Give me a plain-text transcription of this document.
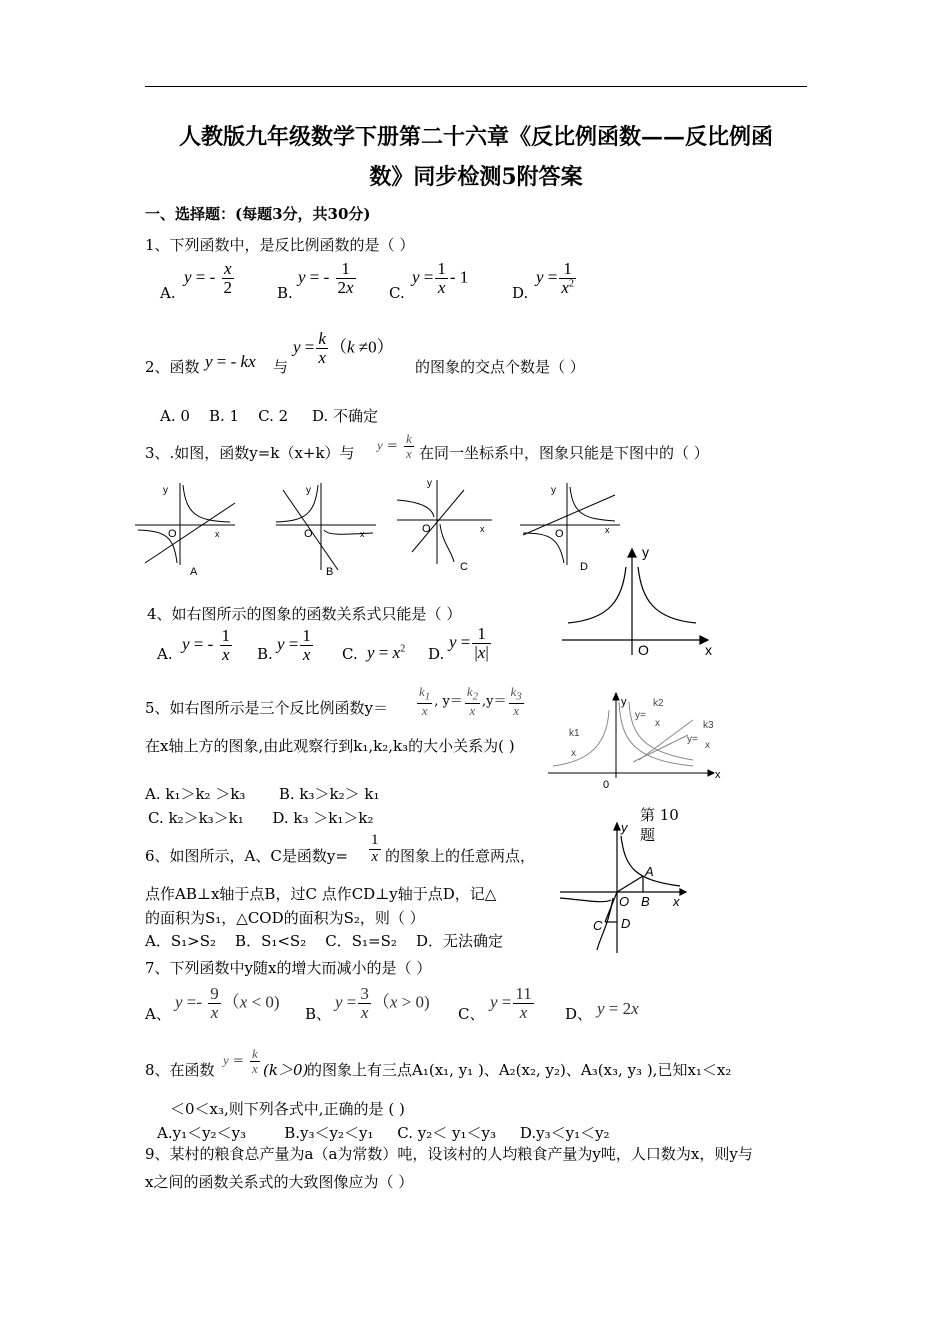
人教版九年级数学下册第二十六章《反比例函数——反比例函
数》同步检测5附答案
一、选择题：(每题3分，共30分)
1、下列函数中，是反比例函数的是（ ）
A.
y = - $\frac{x}{2}$	B.
y = - $\frac{1}{2x} C$.
$y = \frac{1}{x} - 1$
D.
$y = \frac{1}{x^2}$
2、函数 y = - kx 与
$y = \frac{k}{x} (k \ne 0)$
的图象的交点个数是（ ）
A. 0    B. 1    C. 2     D. 不确定
3、.如图，函数y=k（x+k）与 $y = \frac{k}{x}$ 在同一坐标系中，图象只能是下图中的（ ）
y
x
O
A
y
x
O
B
y
x
O
C
y
x
O
D
4、如右图所示的图象的函数关系式只能是（ ）
y
O	x
A.
y = - $\frac{1}{x} B$.
$y = \frac{1}{x} C$. $y = x^2$ D.
$y = \frac{1}{|x|}$
5、如右图所示是三个反比例函数$y= \frac{k_1}{x}$ , $y= \frac{k_2}{x} ,y= \frac{k_3}{x}$
在x轴上方的图象,由此观察行到k₁,k₂,k₃的大小关系为( )
y
0
x
y=
k2
x
y=
k3
x
k1
x
A. k₁＞k₂ ＞k₃       B. k₃＞k₂＞ k₁
C. k₂＞k₃＞k₁      D. k₃ ＞k₁＞k₂	第 10 题
6、如图所示，A、C是函数$y= \frac{1}{x}$ 的图象上的任意两点，
点作AB⊥x轴于点B，过C 点作CD⊥y轴于点D，记△
的面积为S₁，△COD的面积为S₂，则（ ）
A．S₁>S₂    B．S₁<S₂    C．S₁=S₂    D．无法确定
y
A
O B x
C D
7、下列函数中y随x的增大而减小的是（ ）
A、
$y =- \frac{9}{x} (x < 0)$
B、
$y = \frac{3}{x} (x > 0)$
C、
$y = \frac{11}{x}$ D、 y = 2x
8、在函数
$y = \frac{k}{x} (k>0)$
的图象上有三点A₁(x₁, y₁ )、A₂(x₂, y₂)、A₃(x₃, y₃ ),已知x₁＜x₂
＜0＜x₃,则下列各式中,正确的是 ( )
A.y₁＜y₂＜y₃        B.y₃＜y₂＜y₁     C. y₂＜ y₁＜y₃     D.y₃＜y₁＜y₂
9、某村的粮食总产量为a（a为常数）吨，设该村的人均粮食产量为y吨，人口数为x，则y与
x之间的函数关系式的大致图像应为（ ）
